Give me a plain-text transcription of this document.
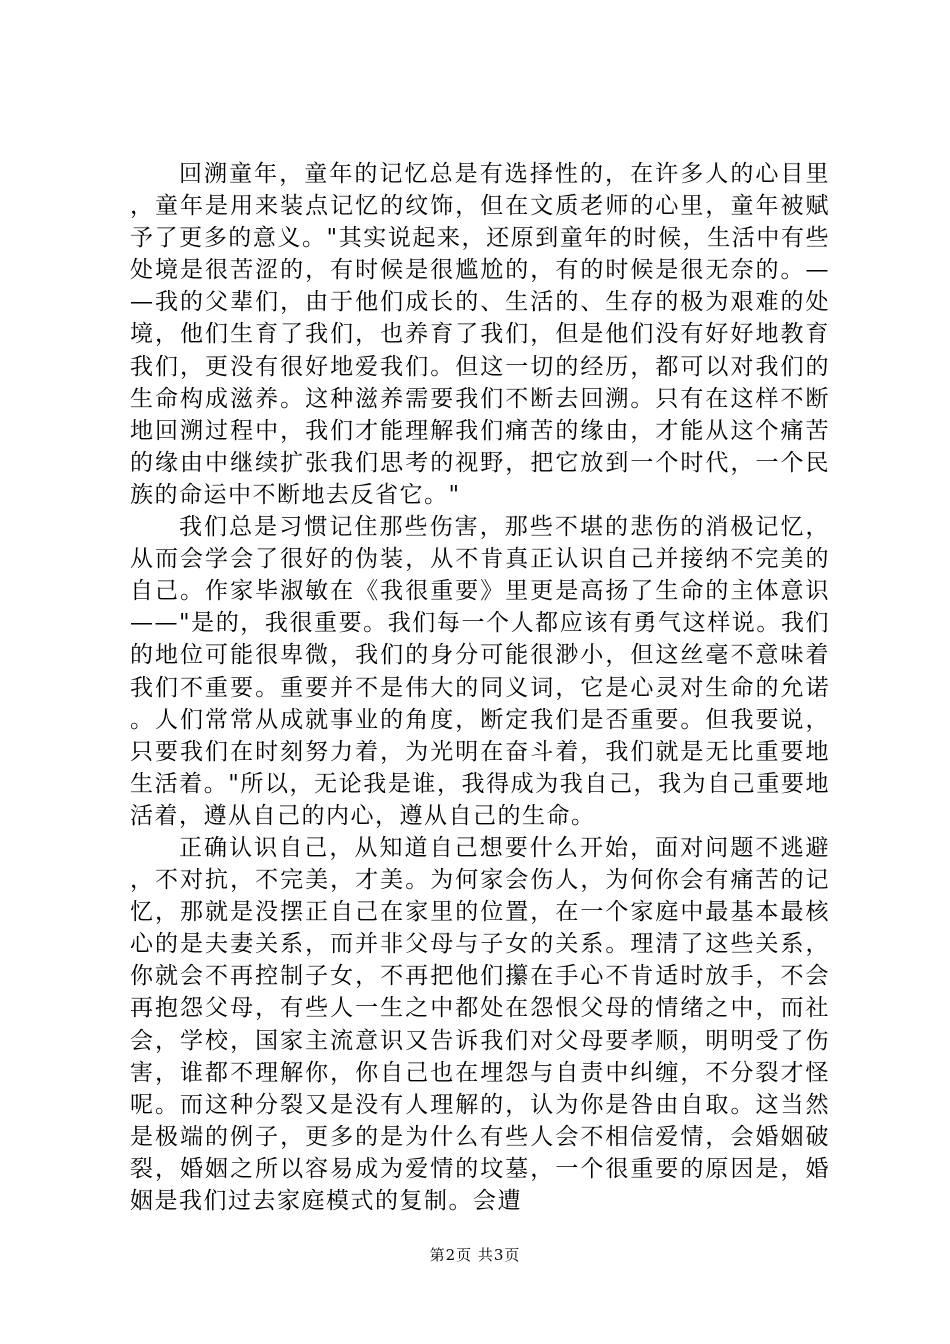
回溯童年，童年的记忆总是有选择性的，在许多人的心目里，童年是用来装点记忆的纹饰，但在文质老师的心里，童年被赋予了更多的意义。"其实说起来，还原到童年的时候，生活中有些处境是很苦涩的，有时候是很尴尬的，有的时候是很无奈的。——我的父辈们，由于他们成长的、生活的、生存的极为艰难的处境，他们生育了我们，也养育了我们，但是他们没有好好地教育我们，更没有很好地爱我们。但这一切的经历，都可以对我们的生命构成滋养。这种滋养需要我们不断去回溯。只有在这样不断地回溯过程中，我们才能理解我们痛苦的缘由，才能从这个痛苦的缘由中继续扩张我们思考的视野，把它放到一个时代，一个民族的命运中不断地去反省它。"

我们总是习惯记住那些伤害，那些不堪的悲伤的消极记忆，从而会学会了很好的伪装，从不肯真正认识自己并接纳不完美的自己。作家毕淑敏在《我很重要》里更是高扬了生命的主体意识——"是的，我很重要。我们每一个人都应该有勇气这样说。我们的地位可能很卑微，我们的身分可能很渺小，但这丝毫不意味着我们不重要。重要并不是伟大的同义词，它是心灵对生命的允诺。人们常常从成就事业的角度，断定我们是否重要。但我要说，只要我们在时刻努力着，为光明在奋斗着，我们就是无比重要地生活着。"所以，无论我是谁，我得成为我自己，我为自己重要地活着，遵从自己的内心，遵从自己的生命。

正确认识自己，从知道自己想要什么开始，面对问题不逃避，不对抗，不完美，才美。为何家会伤人，为何你会有痛苦的记忆，那就是没摆正自己在家里的位置，在一个家庭中最基本最核心的是夫妻关系，而并非父母与子女的关系。理清了这些关系，你就会不再控制子女，不再把他们攥在手心不肯适时放手，不会再抱怨父母，有些人一生之中都处在怨恨父母的情绪之中，而社会，学校，国家主流意识又告诉我们对父母要孝顺，明明受了伤害，谁都不理解你，你自己也在埋怨与自责中纠缠，不分裂才怪呢。而这种分裂又是没有人理解的，认为你是咎由自取。这当然是极端的例子，更多的是为什么有些人会不相信爱情，会婚姻破裂，婚姻之所以容易成为爱情的坟墓，一个很重要的原因是，婚姻是我们过去家庭模式的复制。会遭

第2页 共3页
